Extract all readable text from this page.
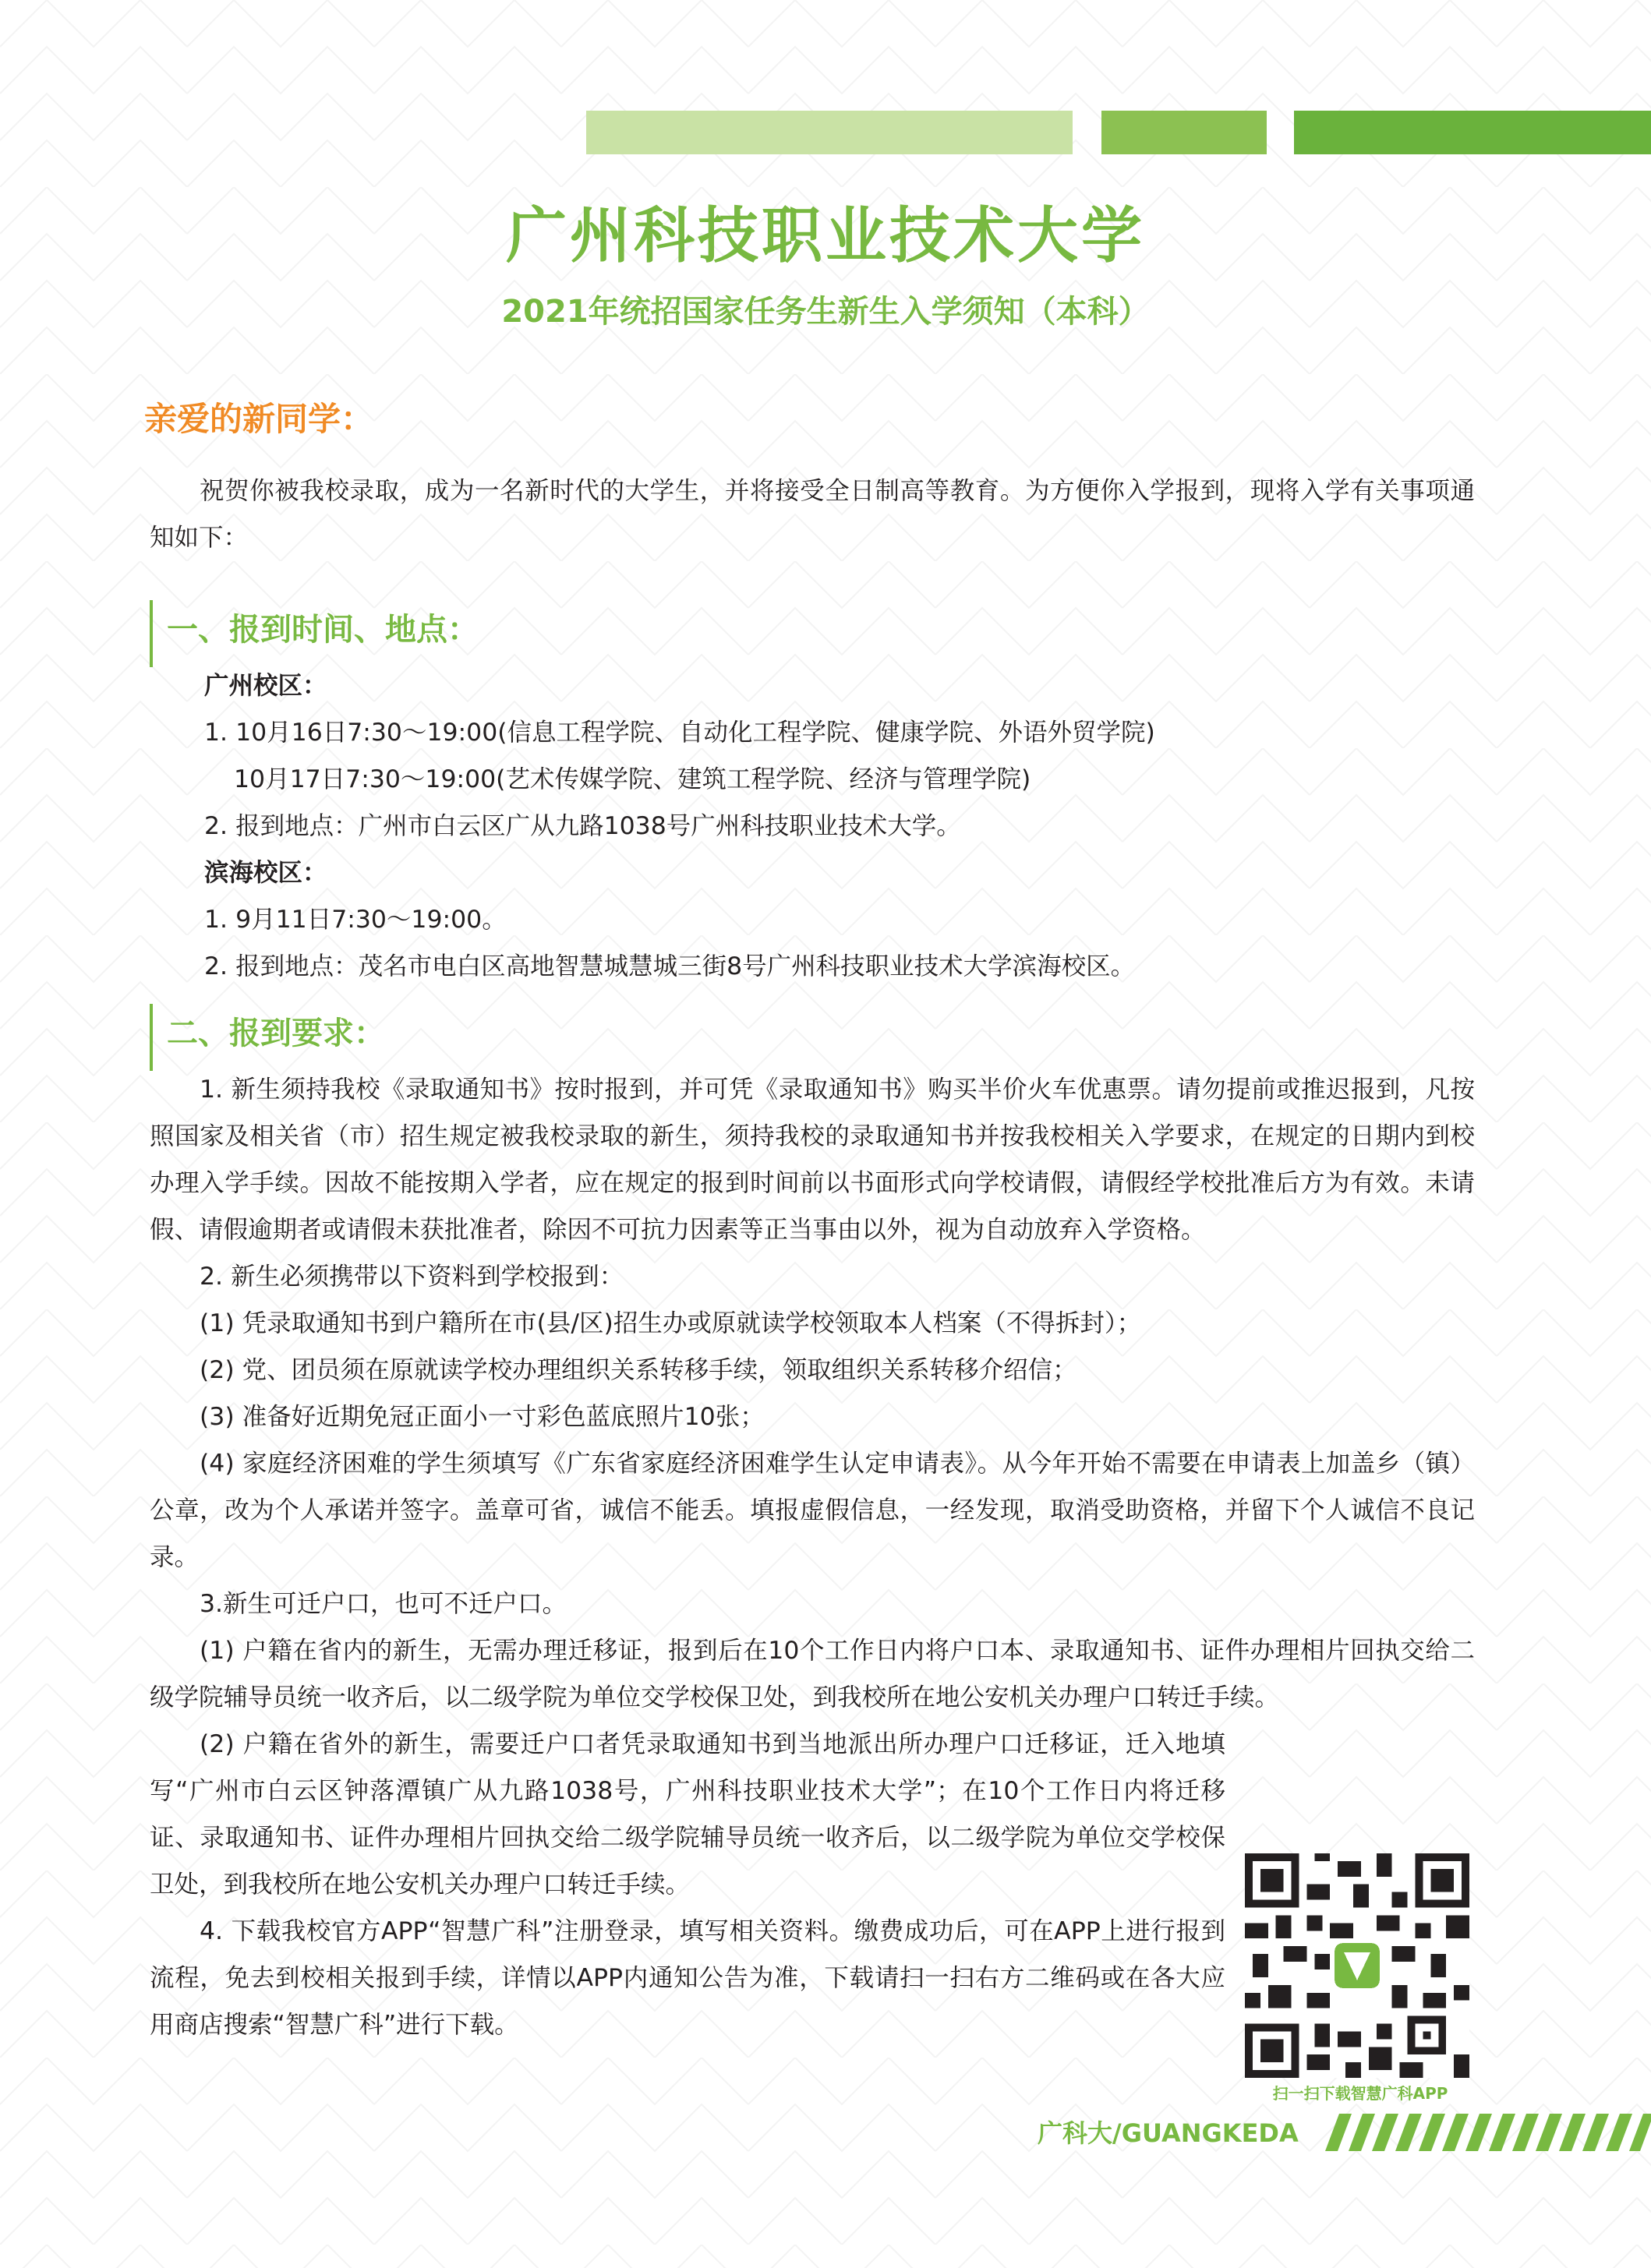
广州科技职业技术大学
2021年统招国家任务生新生入学须知（本科）
亲爱的新同学：

祝贺你被我校录取，成为一名新时代的大学生，并将接受全日制高等教育。为方便你入学报到，现将入学有关事项通知如下：

一、报到时间、地点：

广州校区：

1. 10月16日7:30～19:00(信息工程学院、自动化工程学院、健康学院、外语外贸学院)

10月17日7:30～19:00(艺术传媒学院、建筑工程学院、经济与管理学院)

2. 报到地点：广州市白云区广从九路1038号广州科技职业技术大学。

滨海校区：

1. 9月11日7:30～19:00。

2. 报到地点：茂名市电白区高地智慧城慧城三街8号广州科技职业技术大学滨海校区。

二、报到要求：

1. 新生须持我校《录取通知书》按时报到，并可凭《录取通知书》购买半价火车优惠票。请勿提前或推迟报到，凡按照国家及相关省（市）招生规定被我校录取的新生，须持我校的录取通知书并按我校相关入学要求，在规定的日期内到校办理入学手续。因故不能按期入学者，应在规定的报到时间前以书面形式向学校请假，请假经学校批准后方为有效。未请假、请假逾期者或请假未获批准者，除因不可抗力因素等正当事由以外，视为自动放弃入学资格。

2. 新生必须携带以下资料到学校报到：

(1) 凭录取通知书到户籍所在市(县/区)招生办或原就读学校领取本人档案（不得拆封）；

(2) 党、团员须在原就读学校办理组织关系转移手续，领取组织关系转移介绍信；

(3) 准备好近期免冠正面小一寸彩色蓝底照片10张；

(4) 家庭经济困难的学生须填写《广东省家庭经济困难学生认定申请表》。从今年开始不需要在申请表上加盖乡（镇）公章，改为个人承诺并签字。盖章可省，诚信不能丢。填报虚假信息，一经发现，取消受助资格，并留下个人诚信不良记录。

3.新生可迁户口，也可不迁户口。

(1) 户籍在省内的新生，无需办理迁移证，报到后在10个工作日内将户口本、录取通知书、证件办理相片回执交给二级学院辅导员统一收齐后，以二级学院为单位交学校保卫处，到我校所在地公安机关办理户口转迁手续。

(2) 户籍在省外的新生，需要迁户口者凭录取通知书到当地派出所办理户口迁移证，迁入地填写“广州市白云区钟落潭镇广从九路1038号，广州科技职业技术大学”；在10个工作日内将迁移证、录取通知书、证件办理相片回执交给二级学院辅导员统一收齐后，以二级学院为单位交学校保卫处，到我校所在地公安机关办理户口转迁手续。

4. 下载我校官方APP“智慧广科”注册登录，填写相关资料。缴费成功后，可在APP上进行报到流程，免去到校相关报到手续，详情以APP内通知公告为准，下载请扫一扫右方二维码或在各大应用商店搜索“智慧广科”进行下载。

扫一扫下载智慧广科APP
广科大/GUANGKEDA
